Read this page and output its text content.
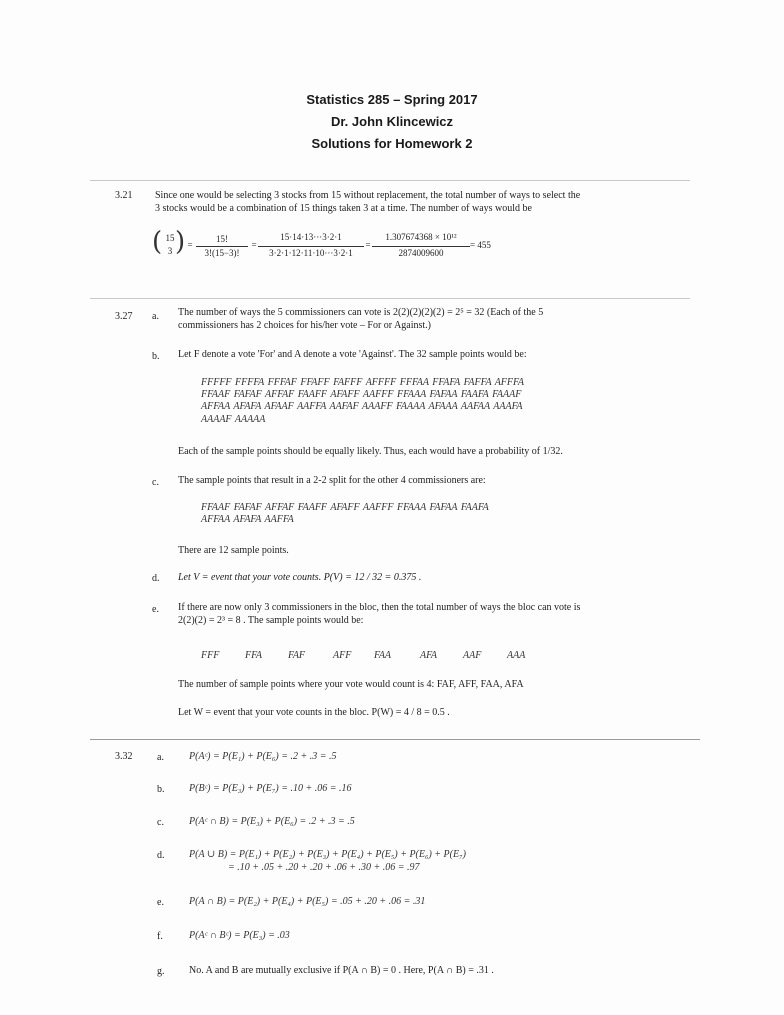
Statistics 285 – Spring 2017
Dr. John Klincewicz
Solutions for Homework 2
3.21 Since one would be selecting 3 stocks from 15 without replacement, the total number of ways to select the
3 stocks would be a combination of 15 things taken 3 at a time. The number of ways would be
( 15
3 ) =
15!
3!(15−3)!
=
15·14·13···3·2·1
3·2·1·12·11·10···3·2·1
=
1.307674368 × 10¹²
2874009600
= 455
3.27 a. The number of ways the 5 commissioners can vote is 2(2)(2)(2)(2) = 2⁵ = 32 (Each of the 5
commissioners has 2 choices for his/her vote – For or Against.)
b. Let F denote a vote 'For' and A denote a vote 'Against'. The 32 sample points would be:
FFFFF FFFFA FFFAF FFAFF FAFFF AFFFF FFFAA FFAFA FAFFA AFFFA
FFAAF FAFAF AFFAF FAAFF AFAFF AAFFF FFAAA FAFAA FAAFA FAAAF
AFFAA AFAFA AFAAF AAFFA AAFAF AAAFF FAAAA AFAAA AAFAA AAAFA
AAAAF AAAAA
Each of the sample points should be equally likely. Thus, each would have a probability of 1/32.
c. The sample points that result in a 2-2 split for the other 4 commissioners are:
FFAAF FAFAF AFFAF FAAFF AFAFF AAFFF FFAAA FAFAA FAAFA
AFFAA AFAFA AAFFA
There are 12 sample points.
d. Let V = event that your vote counts. P(V) = 12 / 32 = 0.375 .
e. If there are now only 3 commissioners in the bloc, then the total number of ways the bloc can vote is
2(2)(2) = 2³ = 8 . The sample points would be:
FFF	FFA	FAF	AFF FAA	AFA	AAF	AAA
The number of sample points where your vote would count is 4: FAF, AFF, FAA, AFA
Let W = event that your vote counts in the bloc. P(W) = 4 / 8 = 0.5 .
3.32 a.	P(Aᶜ) = P(E₁) + P(E₆) = .2 + .3 = .5
b. P(Bᶜ) = P(E₃) + P(E₇) = .10 + .06 = .16
c.	P(Aᶜ ∩ B) = P(E₃) + P(E₆) = .2 + .3 = .5
d. P(A ∪ B) = P(E₁) + P(E₂) + P(E₃) + P(E₄) + P(E₅) + P(E₆) + P(E₇)
= .10 + .05 + .20 + .20 + .06 + .30 + .06 = .97
e.	P(A ∩ B) = P(E₂) + P(E₄) + P(E₅) = .05 + .20 + .06 = .31
f.	P(Aᶜ ∩ Bᶜ) = P(E₃) = .03
g. No. A and B are mutually exclusive if P(A ∩ B) = 0 . Here, P(A ∩ B) = .31 .
